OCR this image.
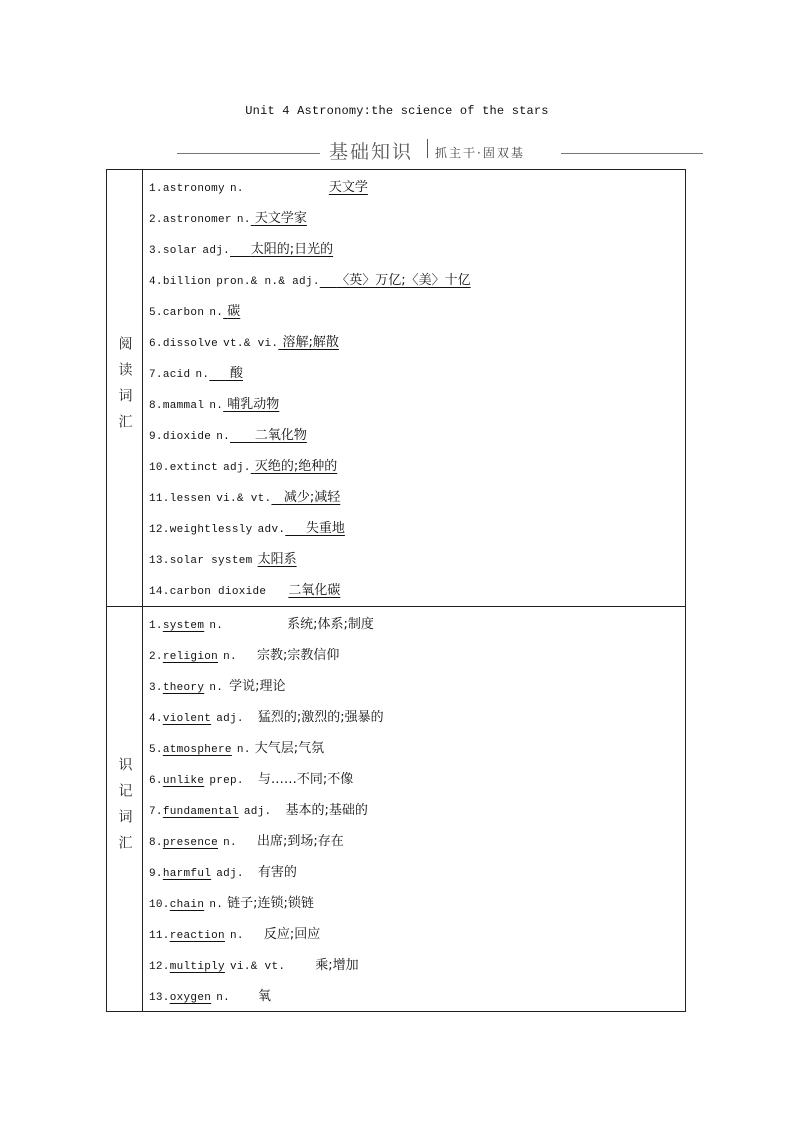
Unit 4 Astronomy:the science of the stars
基础知识 抓主干·固双基
阅读词汇
1.astronomy n.	天文学
2.astronomer n. 天文学家
3.solar adj. 太阳的;日光的
4.billion pron.& n.& adj. 〈英〉万亿;〈美〉十亿
5.carbon n. 碳
6.dissolve vt.& vi. 溶解;解散
7.acid n. 酸
8.mammal n. 哺乳动物
9.dioxide n. 二氧化物
10.extinct adj. 灭绝的;绝种的
11.lessen vi.& vt. 减少;减轻
12.weightlessly adv. 失重地
13.solar system 太阳系
14.carbon dioxide 二氧化碳
识记词汇
1.system n.	系统;体系;制度
2.religion n. 宗教;宗教信仰
3.theory n. 学说;理论
4.violent adj. 猛烈的;激烈的;强暴的
5.atmosphere n. 大气层;气氛
6.unlike prep. 与……不同;不像
7.fundamental adj. 基本的;基础的
8.presence n. 出席;到场;存在
9.harmful adj. 有害的
10.chain n. 链子;连锁;锁链
11.reaction n. 反应;回应
12.multiply vi.& vt. 乘;增加
13.oxygen n. 氧
